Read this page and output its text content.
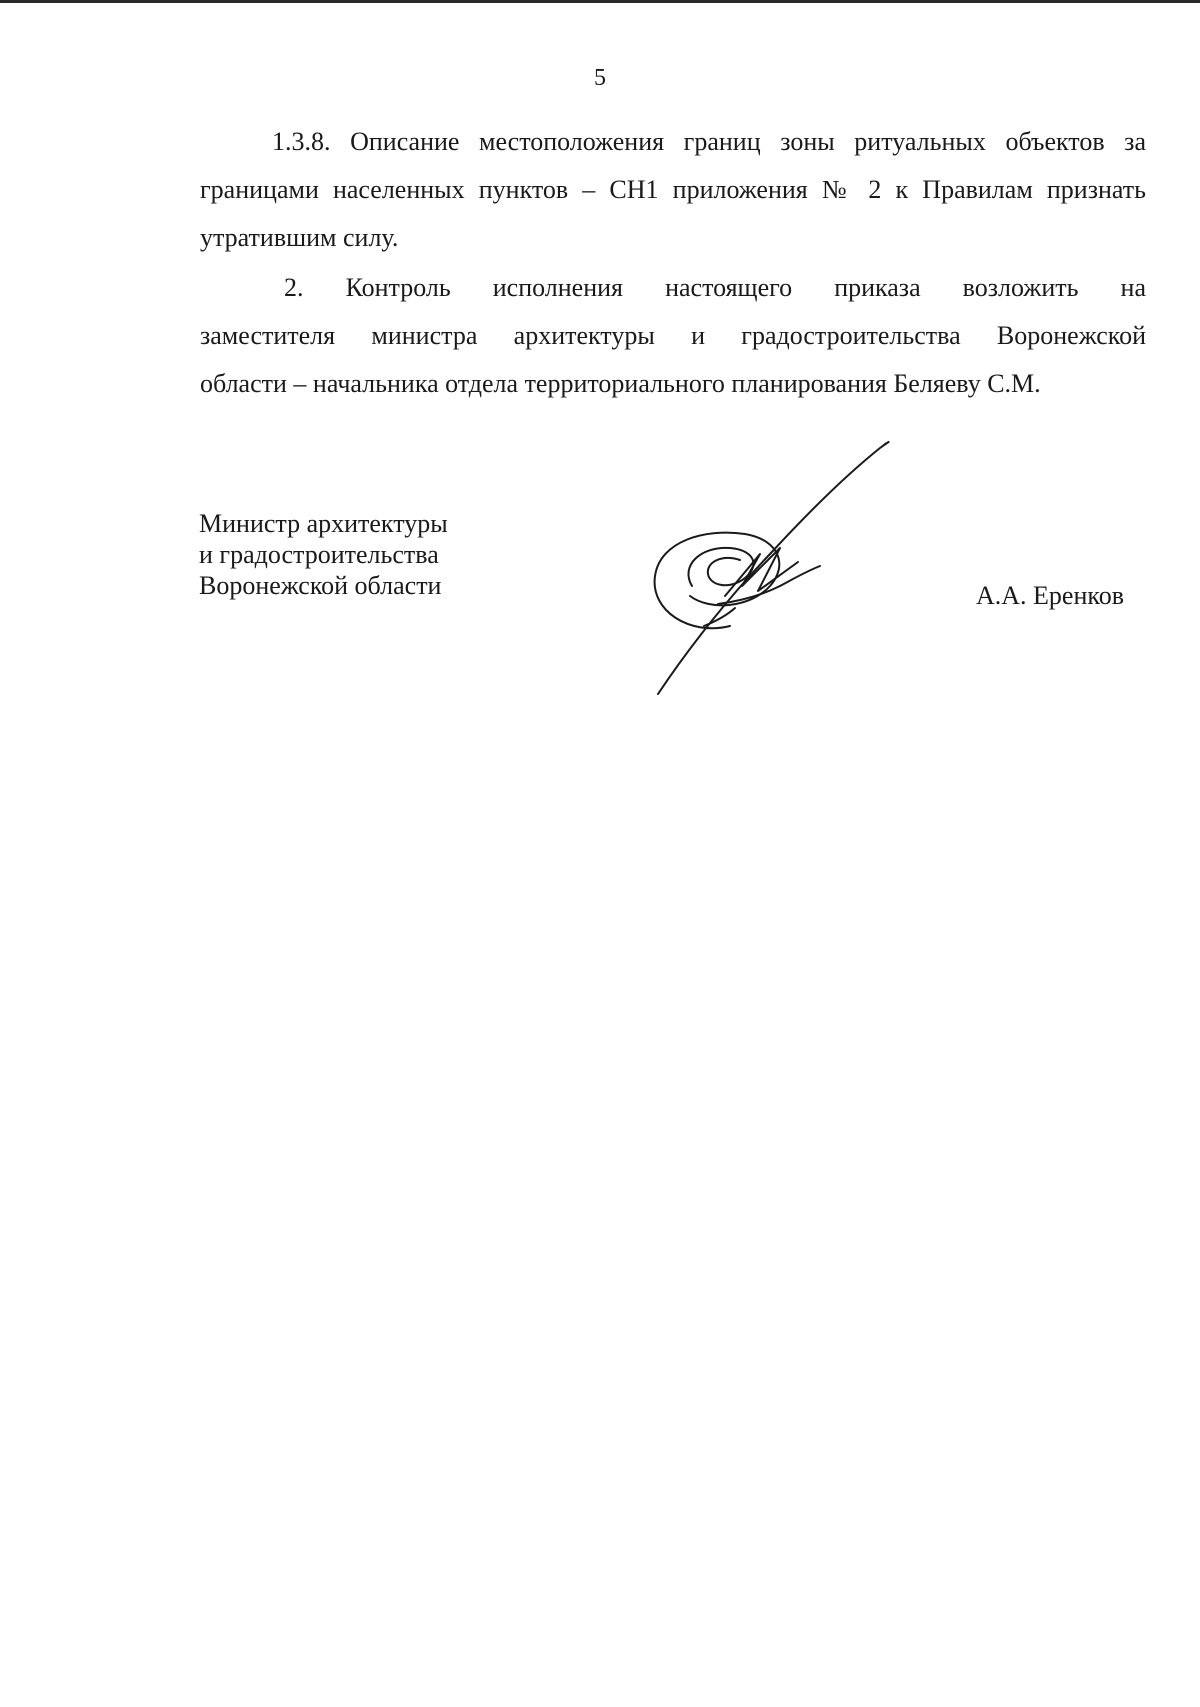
5
1.3.8. Описание местоположения границ зоны ритуальных объектов за
границами населенных пунктов – СН1 приложения № 2 к Правилам признать
утратившим силу.
2. Контроль исполнения настоящего приказа возложить на
заместителя министра архитектуры и градостроительства Воронежской
области – начальника отдела территориального планирования Беляеву С.М.
Министр архитектуры
и градостроительства
Воронежской области	А.А. Еренков
